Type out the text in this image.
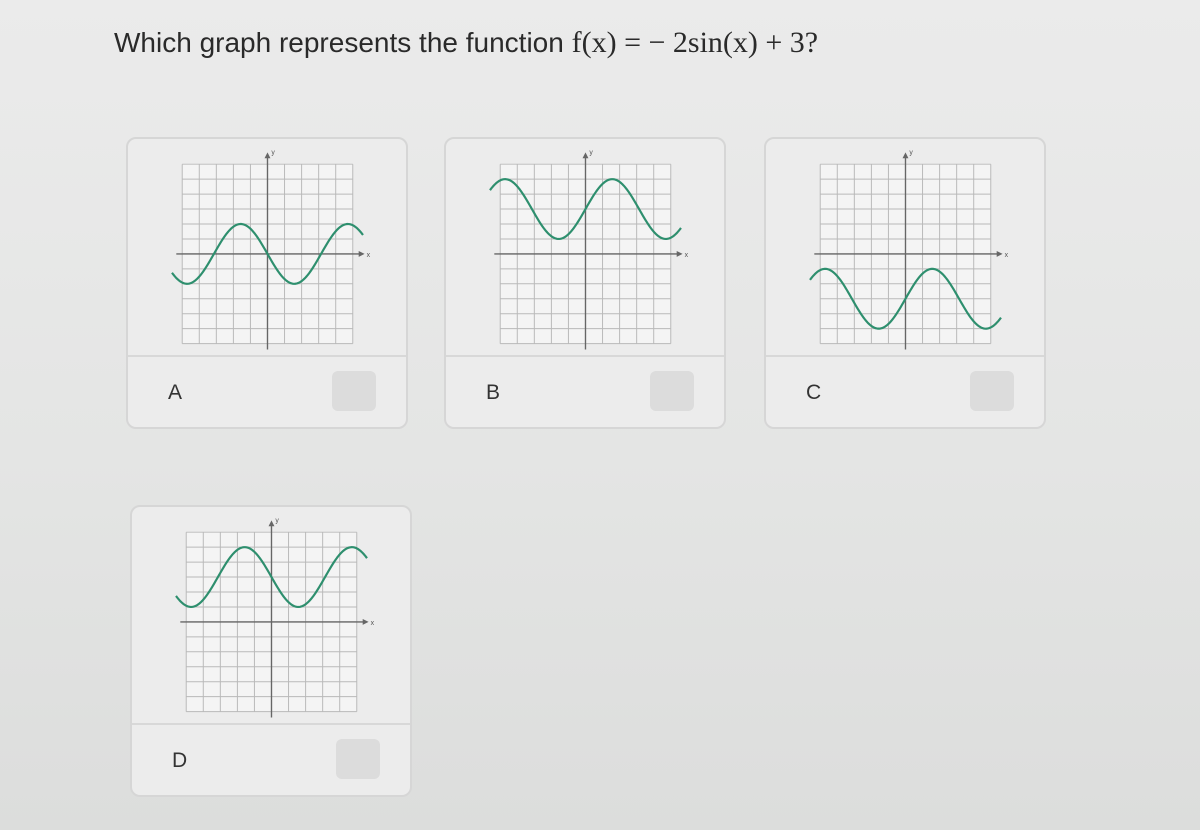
Which graph represents the function f(x) = − 2sin(x) + 3?
y
x
A
y
x
B
y
x
C
y
x
D
